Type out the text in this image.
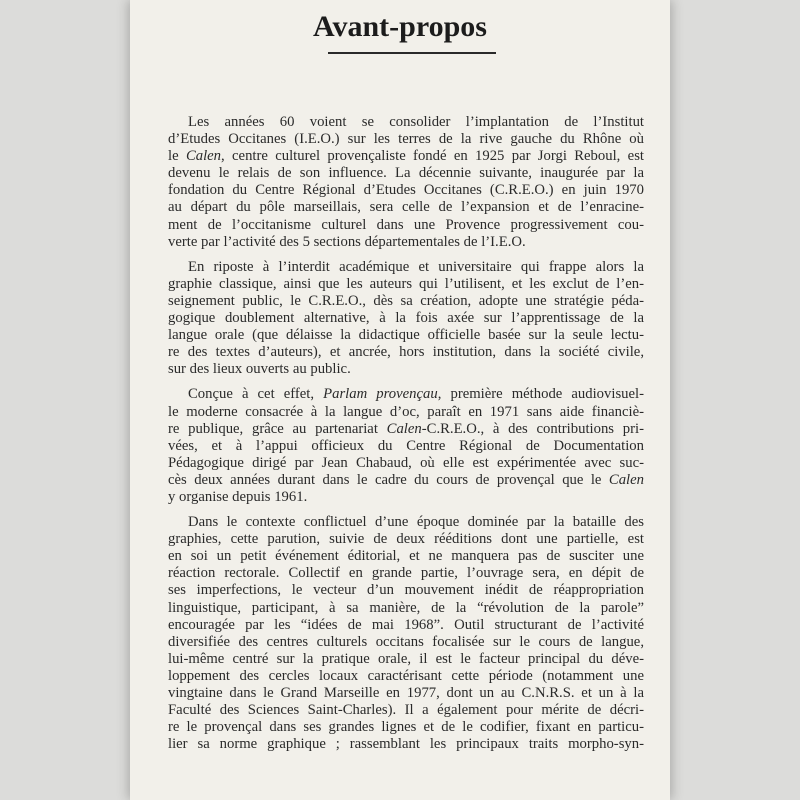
Avant-propos
Les années 60 voient se consolider l’implantation de l’Institut
d’Etudes Occitanes (I.E.O.) sur les terres de la rive gauche du Rhône où
le Calen, centre culturel provençaliste fondé en 1925 par Jorgi Reboul, est
devenu le relais de son influence. La décennie suivante, inaugurée par la
fondation du Centre Régional d’Etudes Occitanes (C.R.E.O.) en juin 1970
au départ du pôle marseillais, sera celle de l’expansion et de l’enracine-
ment de l’occitanisme culturel dans une Provence progressivement cou-
verte par l’activité des 5 sections départementales de l’I.E.O.
En riposte à l’interdit académique et universitaire qui frappe alors la
graphie classique, ainsi que les auteurs qui l’utilisent, et les exclut de l’en-
seignement public, le C.R.E.O., dès sa création, adopte une stratégie péda-
gogique doublement alternative, à la fois axée sur l’apprentissage de la
langue orale (que délaisse la didactique officielle basée sur la seule lectu-
re des textes d’auteurs), et ancrée, hors institution, dans la société civile,
sur des lieux ouverts au public.
Conçue à cet effet, Parlam provençau, première méthode audiovisuel-
le moderne consacrée à la langue d’oc, paraît en 1971 sans aide financiè-
re publique, grâce au partenariat Calen-C.R.E.O., à des contributions pri-
vées, et à l’appui officieux du Centre Régional de Documentation
Pédagogique dirigé par Jean Chabaud, où elle est expérimentée avec suc-
cès deux années durant dans le cadre du cours de provençal que le Calen
y organise depuis 1961.
Dans le contexte conflictuel d’une époque dominée par la bataille des
graphies, cette parution, suivie de deux rééditions dont une partielle, est
en soi un petit événement éditorial, et ne manquera pas de susciter une
réaction rectorale. Collectif en grande partie, l’ouvrage sera, en dépit de
ses imperfections, le vecteur d’un mouvement inédit de réappropriation
linguistique, participant, à sa manière, de la “révolution de la parole”
encouragée par les “idées de mai 1968”. Outil structurant de l’activité
diversifiée des centres culturels occitans focalisée sur le cours de langue,
lui-même centré sur la pratique orale, il est le facteur principal du déve-
loppement des cercles locaux caractérisant cette période (notamment une
vingtaine dans le Grand Marseille en 1977, dont un au C.N.R.S. et un à la
Faculté des Sciences Saint-Charles). Il a également pour mérite de décri-
re le provençal dans ses grandes lignes et de le codifier, fixant en particu-
lier sa norme graphique ; rassemblant les principaux traits morpho-syn-
